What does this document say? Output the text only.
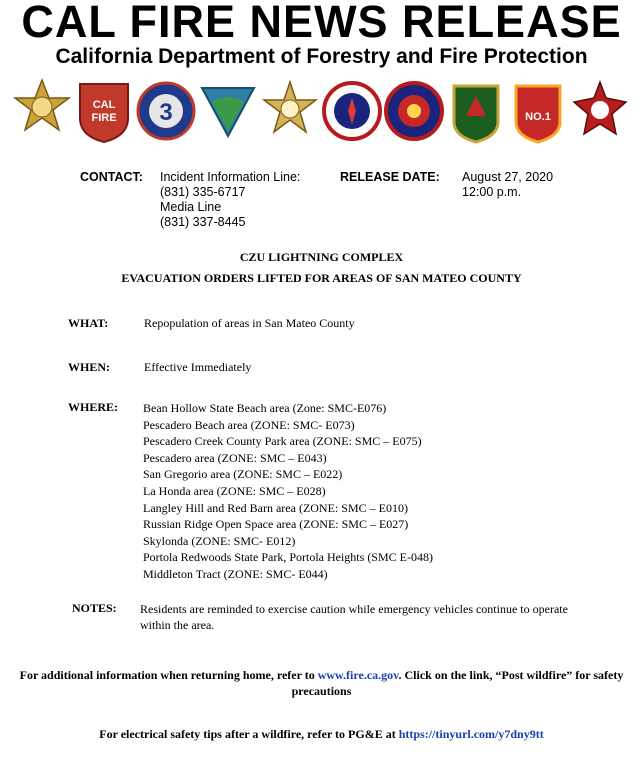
CAL FIRE NEWS RELEASE
California Department of Forestry and Fire Protection
CAL
FIRE 3	NO.1
CONTACT: Incident Information Line:
(831) 335-6717
Media Line
(831) 337-8445
RELEASE DATE: August 27, 2020
12:00 p.m.
CZU LIGHTNING COMPLEX
EVACUATION ORDERS LIFTED FOR AREAS OF SAN MATEO COUNTY
WHAT:	Repopulation of areas in San Mateo County
WHEN:	Effective Immediately
WHERE: Bean Hollow State Beach area (Zone: SMC-E076)
Pescadero Beach area (ZONE: SMC- E073)
Pescadero Creek County Park area (ZONE: SMC – E075)
Pescadero area (ZONE: SMC – E043)
San Gregorio area (ZONE: SMC – E022)
La Honda area (ZONE: SMC – E028)
Langley Hill and Red Barn area (ZONE: SMC – E010)
Russian Ridge Open Space area (ZONE: SMC – E027)
Skylonda (ZONE: SMC- E012)
Portola Redwoods State Park, Portola Heights (SMC E-048)
Middleton Tract (ZONE: SMC- E044)
NOTES: Residents are reminded to exercise caution while emergency vehicles continue to operate within the area.
For additional information when returning home, refer to www.fire.ca.gov. Click on the link, “Post wildfire” for safety precautions
For electrical safety tips after a wildfire, refer to PG&E at https://tinyurl.com/y7dny9tt
